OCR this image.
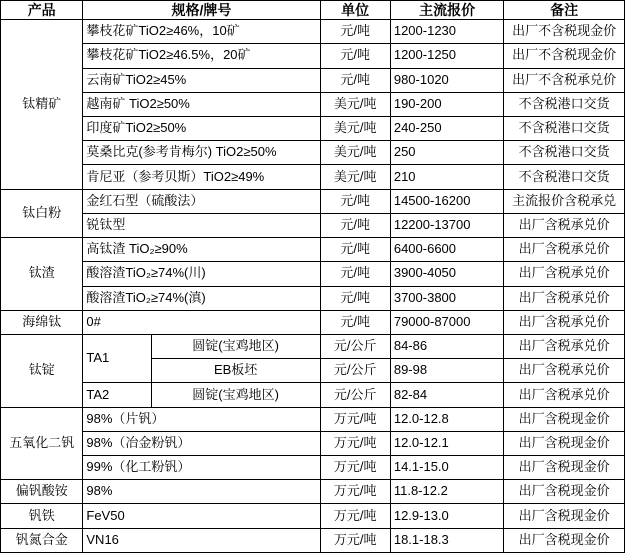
产品	规格/牌号		单位	主流报价	备注
钛精矿	攀枝花矿TiO2≥46%，10矿		元/吨	1200-1230	出厂不含税现金价
	攀枝花矿TiO2≥46.5%，20矿		元/吨	1200-1250	出厂不含税现金价
	云南矿TiO2≥45%		元/吨	980-1020	出厂不含税承兑价
	越南矿 TiO2≥50%		美元/吨	190-200	不含税港口交货
	印度矿TiO2≥50%		美元/吨	240-250	不含税港口交货
	莫桑比克(参考肯梅尔) TiO2≥50%		美元/吨	250	不含税港口交货
	肯尼亚（参考贝斯）TiO2≥49%		美元/吨	210	不含税港口交货
钛白粉	金红石型（硫酸法）		元/吨	14500-16200	主流报价含税承兑
	锐钛型		元/吨	12200-13700	出厂含税承兑价
钛渣	高钛渣 TiO₂≥90%		元/吨	6400-6600	出厂含税承兑价
	酸溶渣TiO₂≥74%(川)		元/吨	3900-4050	出厂含税承兑价
	酸溶渣TiO₂≥74%(滇)		元/吨	3700-3800	出厂含税承兑价
海绵钛	0#		元/吨	79000-87000	出厂含税承兑价
钛锭	TA1	圆锭(宝鸡地区)	元/公斤	84-86	出厂含税承兑价
		EB板坯	元/公斤	89-98	出厂含税承兑价
	TA2	圆锭(宝鸡地区)	元/公斤	82-84	出厂含税承兑价
五氧化二钒	98%（片钒）		万元/吨	12.0-12.8	出厂含税现金价
	98%（冶金粉钒）		万元/吨	12.0-12.1	出厂含税现金价
	99%（化工粉钒）		万元/吨	14.1-15.0	出厂含税现金价
偏钒酸铵	98%		万元/吨	11.8-12.2	出厂含税现金价
钒铁	FeV50		万元/吨	12.9-13.0	出厂含税现金价
钒氮合金	VN16		万元/吨	18.1-18.3	出厂含税现金价
